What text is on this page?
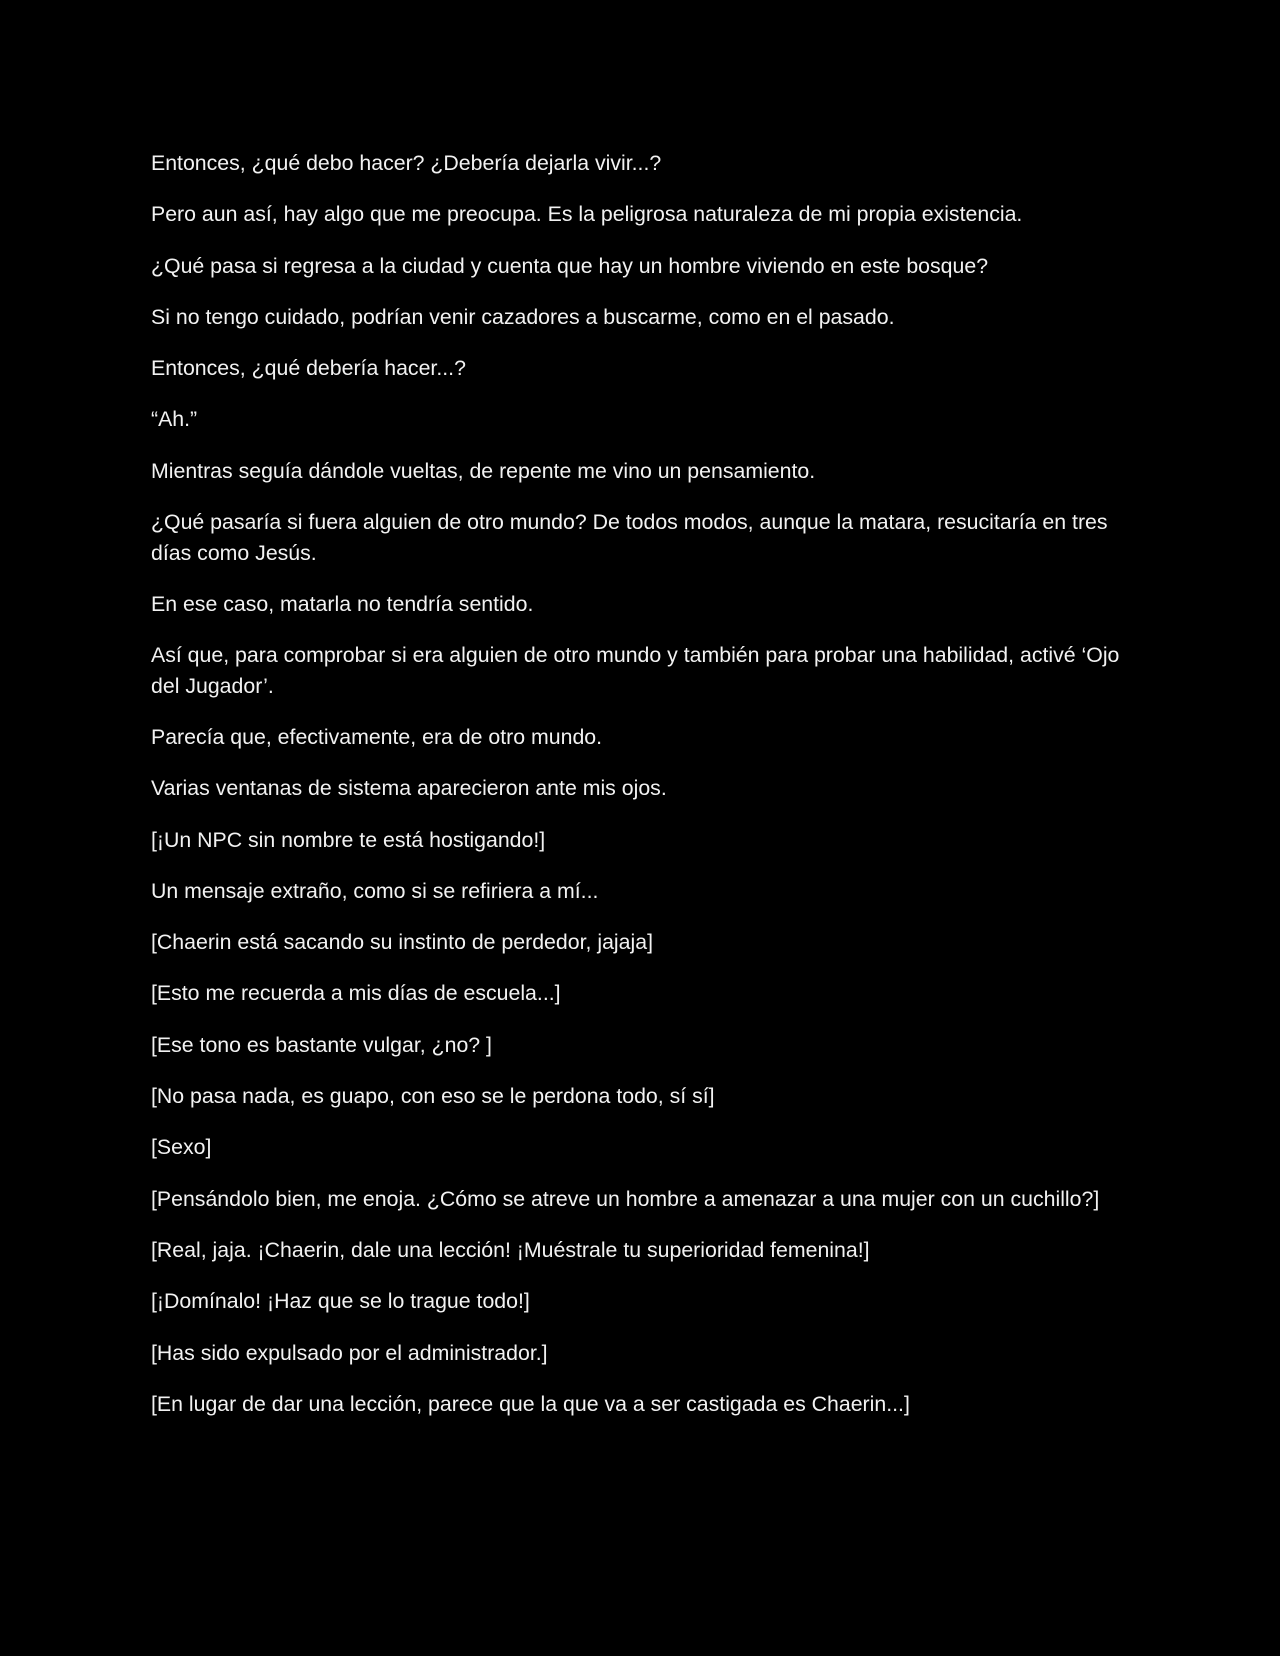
Entonces, ¿qué debo hacer? ¿Debería dejarla vivir...?

Pero aun así, hay algo que me preocupa. Es la peligrosa naturaleza de mi propia existencia.

¿Qué pasa si regresa a la ciudad y cuenta que hay un hombre viviendo en este bosque?

Si no tengo cuidado, podrían venir cazadores a buscarme, como en el pasado.

Entonces, ¿qué debería hacer...?

“Ah.”

Mientras seguía dándole vueltas, de repente me vino un pensamiento.

¿Qué pasaría si fuera alguien de otro mundo? De todos modos, aunque la matara, resucitaría en tres días como Jesús.

En ese caso, matarla no tendría sentido.

Así que, para comprobar si era alguien de otro mundo y también para probar una habilidad, activé ‘Ojo del Jugador’.

Parecía que, efectivamente, era de otro mundo.

Varias ventanas de sistema aparecieron ante mis ojos.

[¡Un NPC sin nombre te está hostigando!]

Un mensaje extraño, como si se refiriera a mí...

[Chaerin está sacando su instinto de perdedor, jajaja]

[Esto me recuerda a mis días de escuela...]

[Ese tono es bastante vulgar, ¿no? ]

[No pasa nada, es guapo, con eso se le perdona todo, sí sí]

[Sexo]

[Pensándolo bien, me enoja. ¿Cómo se atreve un hombre a amenazar a una mujer con un cuchillo?]

[Real, jaja. ¡Chaerin, dale una lección! ¡Muéstrale tu superioridad femenina!]

[¡Domínalo! ¡Haz que se lo trague todo!]

[Has sido expulsado por el administrador.]

[En lugar de dar una lección, parece que la que va a ser castigada es Chaerin...]
